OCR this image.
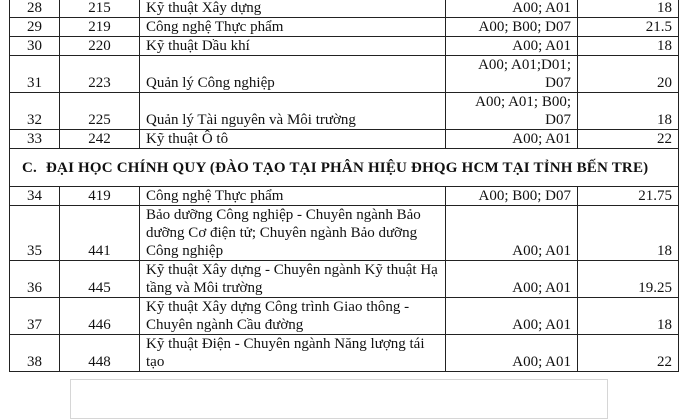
28	215	Kỹ thuật Xây dựng	A00; A01	18
29	219	Công nghệ Thực phẩm	A00; B00; D07	21.5
30	220	Kỹ thuật Dầu khí	A00; A01	18
31	223	Quản lý Công nghiệp	A00; A01;D01; D07	20
32	225	Quản lý Tài nguyên và Môi trường	A00; A01; B00; D07	18
33	242	Kỹ thuật Ô tô	A00; A01	22
C. ĐẠI HỌC CHÍNH QUY (ĐÀO TẠO TẠI PHÂN HIỆU ĐHQG HCM TẠI TỈNH BẾN TRE)				
34	419	Công nghệ Thực phẩm	A00; B00; D07	21.75
35	441	Bảo dưỡng Công nghiệp - Chuyên ngành Bảo dưỡng Cơ điện tử; Chuyên ngành Bảo dưỡng Công nghiệp	A00; A01	18
36	445	Kỹ thuật Xây dựng - Chuyên ngành Kỹ thuật Hạ tầng và Môi trường	A00; A01	19.25
37	446	Kỹ thuật Xây dựng Công trình Giao thông - Chuyên ngành Cầu đường	A00; A01	18
38	448	Kỹ thuật Điện - Chuyên ngành Năng lượng tái tạo	A00; A01	22
